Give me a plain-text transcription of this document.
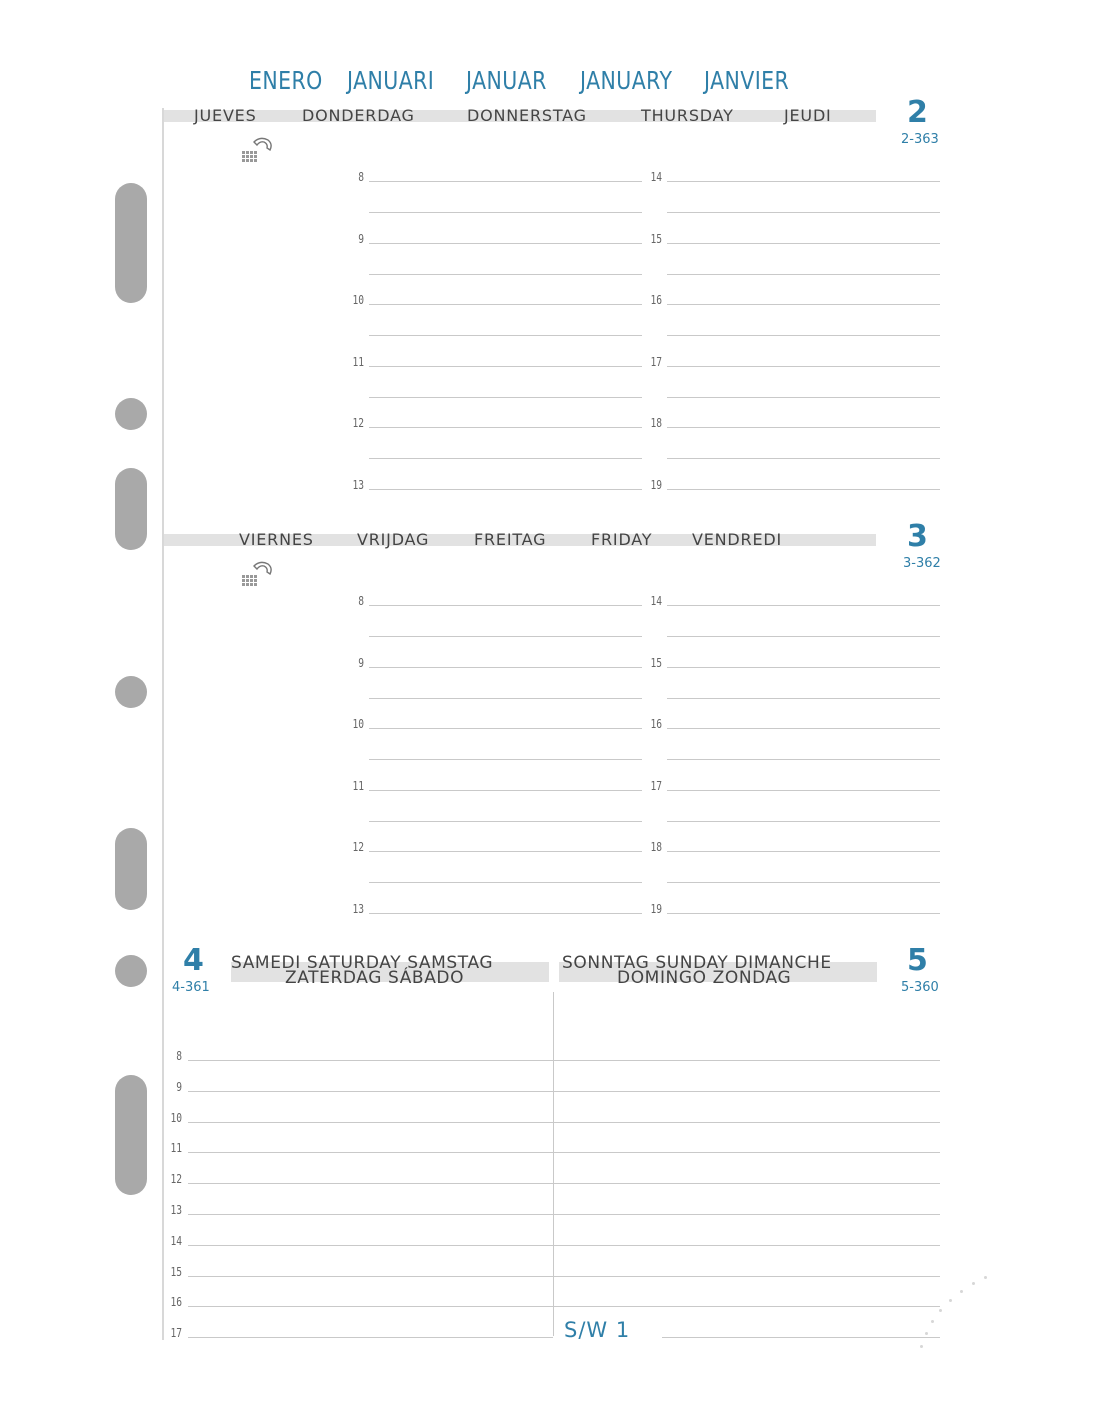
ENERO JANUARI JANUAR JANUARY JANVIER
JUEVES	DONDERDAG	DONNERSTAG	THURSDAY	JEUDI	2
2-363
8
9
10
11
12
13
14
15
16
17
18
19
VIERNES	VRIJDAG	FREITAG	FRIDAY VENDREDI	3
3-362
8
9
10
11
12
13
14
15
16
17
18
19
4
4-361
SAMEDI SATURDAY SAMSTAG
ZATERDAG SÁBADO
SONNTAG SUNDAY DIMANCHE
DOMINGO ZONDAG	5
5-360
8
9
10
11
12
13
14
15
16
17	S/W 1
